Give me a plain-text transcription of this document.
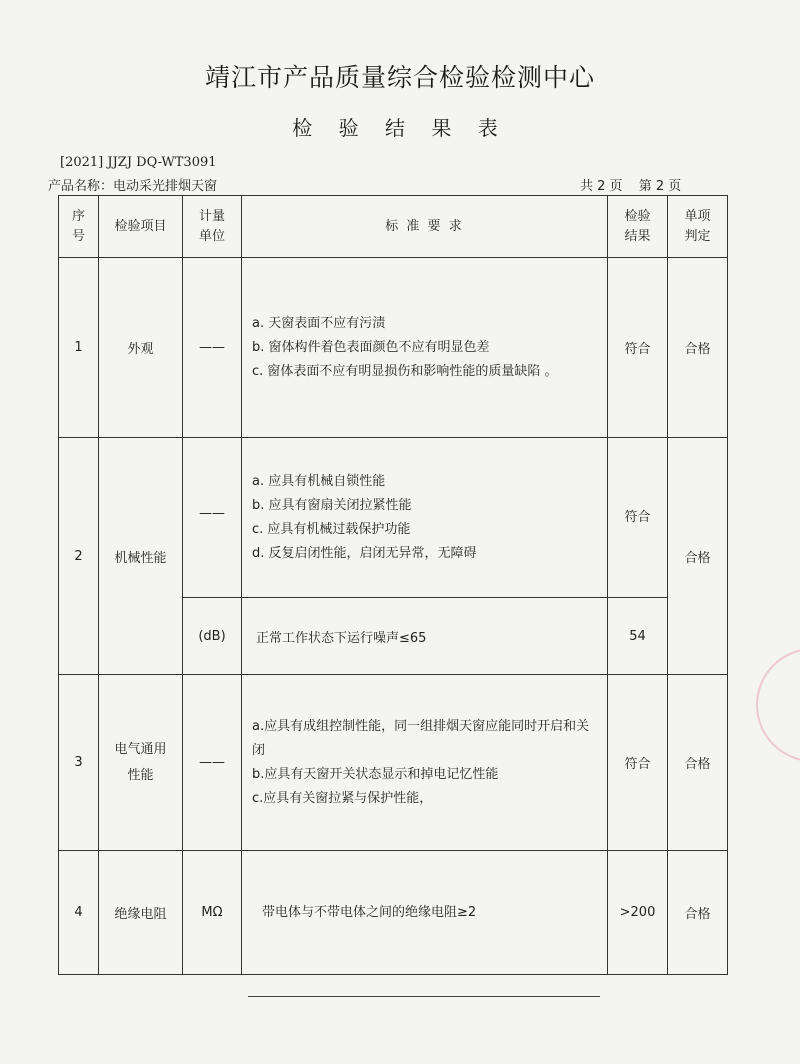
靖江市产品质量综合检验检测中心
检 验 结 果 表
[2021] JJZJ DQ-WT3091
产品名称：电动采光排烟天窗	共 2 页 第 2 页
序号	检验项目	计量单位	标 准 要 求	检验结果	单项判定
1	外观	——	a. 天窗表面不应有污渍
b. 窗体构件着色表面颜色不应有明显色差
c. 窗体表面不应有明显损伤和影响性能的质量缺陷 。	符合	合格
2	机械性能	——	a. 应具有机械自锁性能
b. 应具有窗扇关闭拉紧性能
c. 应具有机械过载保护功能
d. 反复启闭性能，启闭无异常，无障碍	符合	合格
		(dB)	正常工作状态下运行噪声≤65	54	
3	电气通用性能	——	a.应具有成组控制性能，同一组排烟天窗应能同时开启和关闭
b.应具有天窗开关状态显示和掉电记忆性能
c.应具有关窗拉紧与保护性能，	符合	合格
4	绝缘电阻	MΩ	带电体与不带电体之间的绝缘电阻≥2	>200	合格
